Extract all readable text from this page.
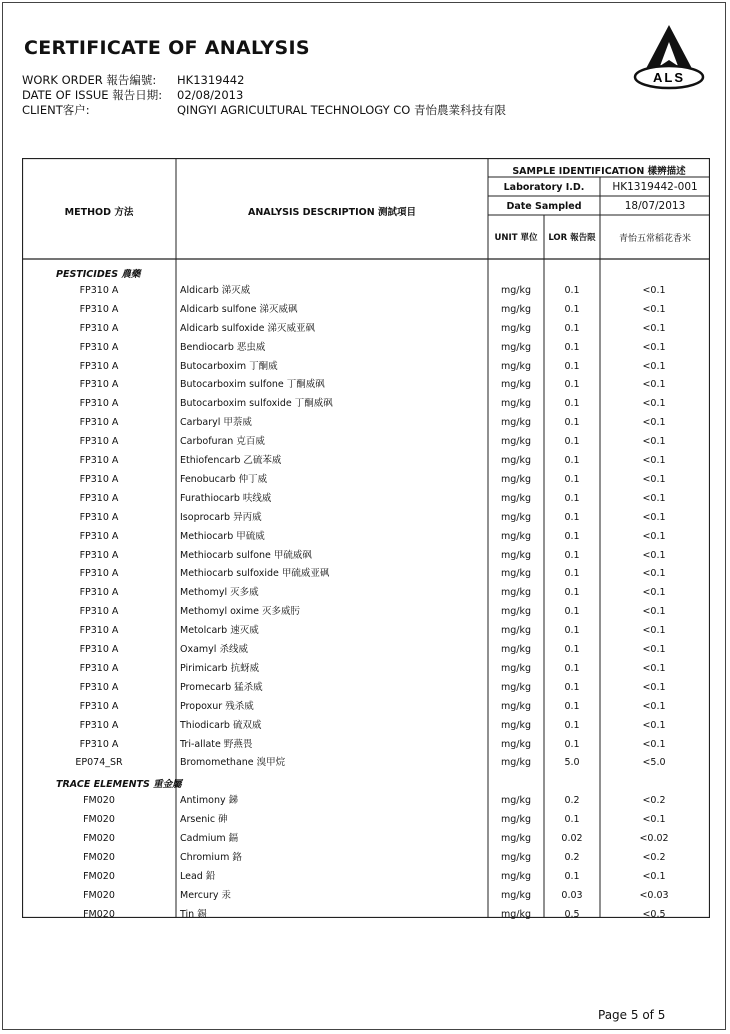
CERTIFICATE OF ANALYSIS
WORK ORDER 報告編號:	HK1319442
DATE OF ISSUE 報告日期:	02/08/2013
CLIENT客户:	QINGYI AGRICULTURAL TECHNOLOGY CO 青怡農業科技有限
ALS
METHOD 方法	ANALYSIS DESCRIPTION 测試項目
SAMPLE IDENTIFICATION 樣辨描述
Laboratory I.D.	HK1319442-001
Date Sampled	18/07/2013
UNIT 單位	LOR 報告限	青怡五常稻花香米
PESTICIDES 農藥
FP310 A	Aldicarb 涕灭威	mg/kg	0.1	<0.1
FP310 A	Aldicarb sulfone 涕灭威砜	mg/kg	0.1	<0.1
FP310 A	Aldicarb sulfoxide 涕灭威亚砜	mg/kg	0.1	<0.1
FP310 A	Bendiocarb 恶虫威	mg/kg	0.1	<0.1
FP310 A	Butocarboxim 丁酮威	mg/kg	0.1	<0.1
FP310 A	Butocarboxim sulfone 丁酮威砜	mg/kg	0.1	<0.1
FP310 A	Butocarboxim sulfoxide 丁酮威砜	mg/kg	0.1	<0.1
FP310 A	Carbaryl 甲萘威	mg/kg	0.1	<0.1
FP310 A	Carbofuran 克百威	mg/kg	0.1	<0.1
FP310 A	Ethiofencarb 乙硫苯威	mg/kg	0.1	<0.1
FP310 A	Fenobucarb 仲丁威	mg/kg	0.1	<0.1
FP310 A	Furathiocarb 呋线威	mg/kg	0.1	<0.1
FP310 A	Isoprocarb 异丙威	mg/kg	0.1	<0.1
FP310 A	Methiocarb 甲硫威	mg/kg	0.1	<0.1
FP310 A	Methiocarb sulfone 甲硫威砜	mg/kg	0.1	<0.1
FP310 A	Methiocarb sulfoxide 甲硫威亚砜	mg/kg	0.1	<0.1
FP310 A	Methomyl 灭多威	mg/kg	0.1	<0.1
FP310 A	Methomyl oxime 灭多威肟	mg/kg	0.1	<0.1
FP310 A	Metolcarb 速灭威	mg/kg	0.1	<0.1
FP310 A	Oxamyl 杀线威	mg/kg	0.1	<0.1
FP310 A	Pirimicarb 抗蚜威	mg/kg	0.1	<0.1
FP310 A	Promecarb 猛杀威	mg/kg	0.1	<0.1
FP310 A	Propoxur 残杀威	mg/kg	0.1	<0.1
FP310 A	Thiodicarb 硫双威	mg/kg	0.1	<0.1
FP310 A	Tri-allate 野燕畏	mg/kg	0.1	<0.1
EP074_SR	Bromomethane 溴甲烷	mg/kg	5.0	<5.0
TRACE ELEMENTS 重金屬
FM020	Antimony 銻	mg/kg	0.2	<0.2
FM020	Arsenic 砷	mg/kg	0.1	<0.1
FM020	Cadmium 鎘	mg/kg	0.02	<0.02
FM020	Chromium 鉻	mg/kg	0.2	<0.2
FM020	Lead 鉛	mg/kg	0.1	<0.1
FM020	Mercury 汞	mg/kg	0.03	<0.03
FM020	Tin 錫	mg/kg	0.5	<0.5
Page 5 of 5
